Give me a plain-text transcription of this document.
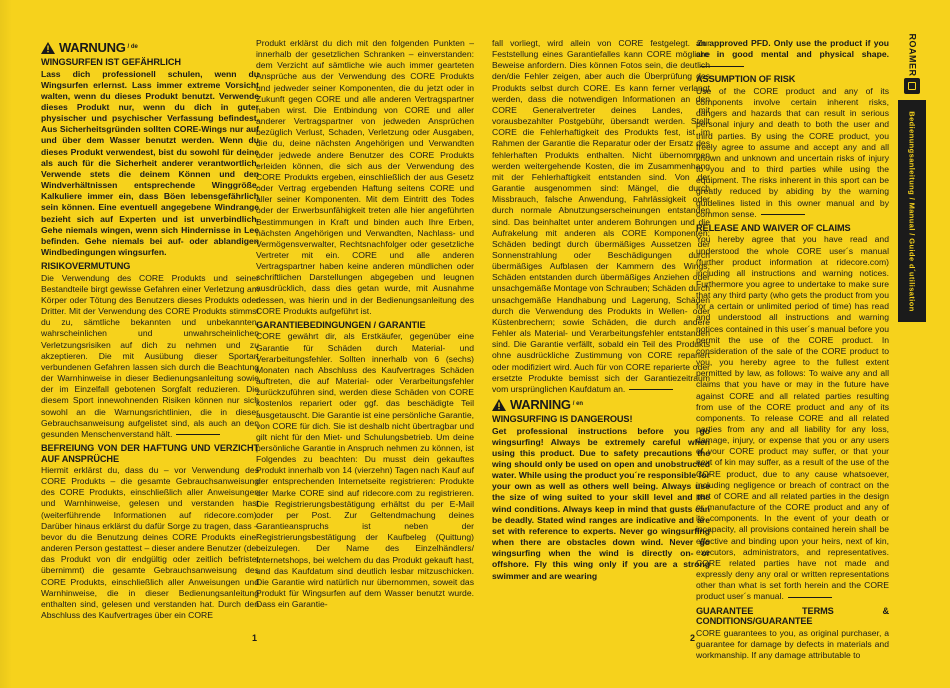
WARNUNG / de
WINGSURFEN IST GEFÄHRLICH

Lass dich professionell schulen, wenn du Wingsurfen erlernst. Lass immer extreme Vorsicht walten, wenn du dieses Produkt benutzt. Verwende dieses Produkt nur, wenn du dich in guter physischer und psychischer Verfassung befindest. Aus Sicherheitsgründen sollten CORE-Wings nur auf und über dem Wasser benutzt werden. Wenn du dieses Produkt verwendest, bist du sowohl für deine als auch für die Sicherheit anderer verantwortlich. Verwende stets die deinem Können und den Windverhältnissen entsprechende Winggröße. Kalkuliere immer ein, dass Böen lebensgefährlich sein können. Eine eventuell angegebene Windrange bezieht sich auf Experten und ist unverbindlich. Gehe niemals wingen, wenn sich Hindernisse in Lee befinden. Gehe niemals bei auf- oder ablandigen Windbedingungen wingsurfen.

RISIKOVERMUTUNG

Die Verwendung des CORE Produkts und seiner Bestandteile birgt gewisse Gefahren einer Verletzung am Körper oder Tötung des Benutzers dieses Produkts oder Dritter. Mit der Verwendung des CORE Produkts stimmst du zu, sämtliche bekannten und unbekannten, wahrscheinlichen und unwahrscheinlichen Verletzungsrisiken auf dich zu nehmen und zu akzeptieren. Die mit Ausübung dieser Sportart verbundenen Gefahren lassen sich durch die Beachtung der Warnhinweise in dieser Bedienungsanleitung sowie der im Einzelfall gebotenen Sorgfalt reduzieren. Die diesem Sport innewohnenden Risiken können nur sich sowohl an die Warnungsrichtlinien, die in dieser Gebrauchsanweisung aufgelistet sind, als auch an den gesunden Menschenverstand hält.

BEFREIUNG VON DER HAFTUNG UND VERZICHT AUF ANSPRÜCHE

Hiermit erklärst du, dass du – vor Verwendung des CORE Produkts – die gesamte Gebrauchsanweisung des CORE Produkts, einschließlich aller Anweisungen und Warnhinweise, gelesen und verstanden hast (weiterführende Informationen auf ridecore.com). Darüber hinaus erklärst du dafür Sorge zu tragen, dass – bevor du die Benutzung deines CORE Produkts einer anderen Person gestattest – dieser andere Benutzer (der das Produkt von dir endgültig oder zeitlich befristet übernimmt) die gesamte Gebrauchsanweisung des CORE Produkts, einschließlich aller Anweisungen und Warnhinweise, die in dieser Bedienungsanleitung enthalten sind, gelesen und verstanden hat. Durch den Abschluss des Kaufvertrages über ein CORE

Produkt erklärst du dich mit den folgenden Punkten – innerhalb der gesetzlichen Schranken – einverstanden: dem Verzicht auf sämtliche wie auch immer gearteten Ansprüche aus der Verwendung des CORE Produkts und jedweder seiner Komponenten, die du jetzt oder in Zukunft gegen CORE und alle anderen Vertragspartner haben wirst. Die Entbindung von CORE und aller anderer Vertragspartner von jedweden Ansprüchen bezüglich Verlust, Schaden, Verletzung oder Ausgaben, die du, deine nächsten Angehörigen und Verwandten oder jedwede andere Benutzer des CORE Produkts erleiden können, die sich aus der Verwendung des CORE Produkts ergeben, einschließlich der aus Gesetz oder Vertrag ergebenden Haftung seitens CORE und aller seiner Komponenten. Mit dem Eintritt des Todes oder der Erwerbsunfähigkeit treten alle hier angeführten Bestimmungen in Kraft und binden auch Ihre Erben, nächsten Angehörigen und Verwandten, Nachlass- und Vermögensverwalter, Rechtsnachfolger oder gesetzliche Vertreter mit ein. CORE und alle anderen Vertragspartner haben keine anderen mündlichen oder schriftlichen Darstellungen abgegeben und leugnen ausdrücklich, dass dies getan wurde, mit Ausnahme dessen, was hierin und in der Bedienungsanleitung des CORE Produkts aufgeführt ist.

GARANTIEBEDINGUNGEN / GARANTIE

CORE gewährt dir, als Erstkäufer, gegenüber eine Garantie für Schäden durch Material- und Verarbeitungsfehler. Sollten innerhalb von 6 (sechs) Monaten nach Abschluss des Kaufvertrages Schäden auftreten, die auf Material- oder Verarbeitungsfehler zurückzuführen sind, werden diese Schäden von CORE kostenlos repariert oder ggf. das beschädigte Teil ausgetauscht. Die Garantie ist eine persönliche Garantie, von CORE für dich. Sie ist deshalb nicht übertragbar und gilt nicht für den Miet- und Schulungsbetrieb. Um deine persönliche Garantie in Anspruch nehmen zu können, ist Folgendes zu beachten: Du musst dein gekauftes Produkt innerhalb von 14 (vierzehn) Tagen nach Kauf auf der entsprechenden Internetseite registrieren: Produkte der Marke CORE sind auf ridecore.com zu registrieren. Die Registrierungsbestätigung erhältst du per E-Mail oder per Post. Zur Geltendmachung deines Garantieanspruchs ist neben der Registrierungsbestätigung der Kaufbeleg (Quittung) beizulegen. Der Name des Einzelhändlers/ Internetshops, bei welchem du das Produkt gekauft hast, und das Kaufdatum sind deutlich lesbar mitzuschicken. Die Garantie wird natürlich nur übernommen, soweit das Produkt für Wingsurfen auf dem Wasser benutzt wurde. Dass ein Garantie-

fall vorliegt, wird allein von CORE festgelegt. Zur Feststellung eines Garantiefalles kann CORE mögliche Beweise anfordern. Dies können Fotos sein, die deutlich den/die Fehler zeigen, aber auch die Überprüfung des Produkts selbst durch CORE. Es kann ferner verlangt werden, dass die notwendigen Informationen an den CORE Generalvertreter deines Landes, mit vorausbezahlter Postgebühr, übersandt werden. Stellt CORE die Fehlerhaftigkeit des Produkts fest, ist im Rahmen der Garantie die Reparatur oder der Ersatz des fehlerhaften Produkts enthalten. Nicht übernommen werden weitergehende Kosten, die im Zusammenhang mit der Fehlerhaftigkeit entstanden sind. Von der Garantie ausgenommen sind: Mängel, die durch Missbrauch, falsche Anwendung, Fahrlässigkeit oder durch normale Abnutzungserscheinungen entstanden sind. Das beinhaltet unter anderem Bohrungen und die Aufrakelung mit anderen als CORE Komponenten; Schäden bedingt durch übermäßiges Aussetzen der Sonnenstrahlung oder Beschädigungen durch übermäßiges Aufblasen der Kammern des Wings; Schäden entstanden durch übermäßiges Anziehen oder unsachgemäße Montage von Schrauben; Schäden durch unsachgemäße Handhabung und Lagerung, Schäden durch die Verwendung des Produkts in Wellen- oder Küstenbrechern; sowie Schäden, die durch andere Fehler als Material- und Verarbeitungsfehler entstanden sind. Die Garantie verfällt, sobald ein Teil des Produkts ohne ausdrückliche Zustimmung von CORE repariert oder modifiziert wird. Auch für von CORE reparierte oder ersetzte Produkte bemisst sich der Garantiezeitraum vom ursprünglichen Kaufdatum an.

WARNING / en
WINGSURFING IS DANGEROUS!

Get professional instructions before you go wingsurfing! Always be extremely careful when using this product. Due to safety precautions the wing should only be used on open and unobstructed water. While using the product you´re responsible for your own as well as others well being. Always use the size of wing suited to your skill level and the wind conditions. Always keep in mind that gusts can be deadly. Stated wind ranges are indicative and are set with reference to experts. Never go wingsurfing when there are obstacles down wind. Never go wingsurfing when the wind is directly on- or offshore. Fly this wing only if you are a strong swimmer and are wearing

an approved PFD. Only use the product if you are in good mental and physical shape.

ASSUMPTION OF RISK

Use of the CORE product and any of its components involve certain inherent risks, dangers and hazards that can result in serious personal injury and death to both the user and third parties. By using the CORE product, you freely agree to assume and accept any and all known and unknown and uncertain risks of injury to you and to third parties while using the equipment. The risks inherent in this sport can be greatly reduced by abiding by the warning guidelines listed in this owner manual and by common sense.

RELEASE AND WAIVER OF CLAIMS

You hereby agree that you have read and understood the whole CORE user´s manual (further product information at ridecore.com) including all instructions and warning notices. Furthermore you agree to undertake to make sure that any third party (who gets the product from you for a certain or unlimited period of time) has read and understood all instructions and warning notices contained in this user´s manual before you permit the use of the CORE product. In consideration of the sale of the CORE product to you, you hereby agree to the fullest extent permitted by law, as follows: To waive any and all claims that you have or may in the future have against CORE and all related parties resulting from use of the CORE product and any of its components. To release CORE and all related parties from any and all liability for any loss, damage, injury, or expense that you or any users of your CORE product may suffer, or that your next of kin may suffer, as a result of the use of the CORE product, due to any cause whatsoever, including negligence or breach of contract on the part of CORE and all related parties in the design or manufacture of the CORE product and any of its components. In the event of your death or incapacity, all provisions contained herein shall be effective and binding upon your heirs, next of kin, executors, administrators, and representatives. CORE related parties have not made and expressly deny any oral or written representations other than what is set forth herein and the CORE product user´s manual.

GUARANTEE TERMS & CONDITIONS/GUARANTEE

CORE guarantees to you, as original purchaser, a guarantee for damage by defects in materials and workmanship. If any damage attributable to

1	2
ROAMER
Bedienungsanleitung / Manual / Guide d´utilisation
